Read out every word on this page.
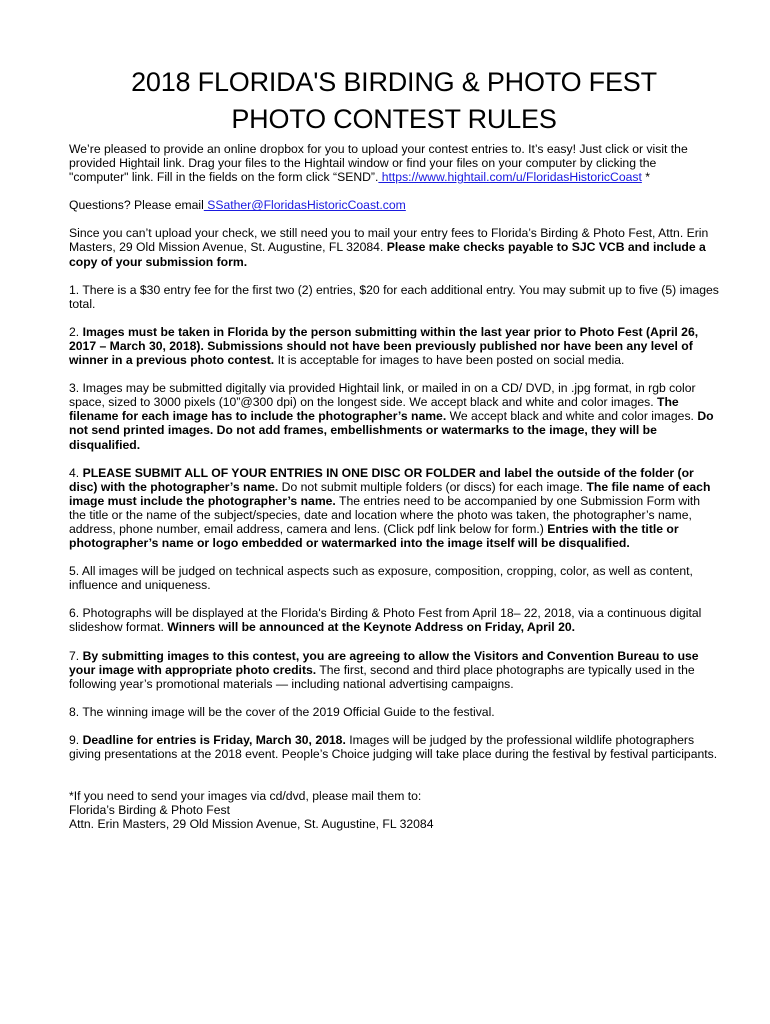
2018 FLORIDA'S BIRDING & PHOTO FEST
PHOTO CONTEST RULES

We’re pleased to provide an online dropbox for you to upload your contest entries to. It’s easy! Just click or visit the provided Hightail link. Drag your files to the Hightail window or find your files on your computer by clicking the "computer" link. Fill in the fields on the form click “SEND”. https://www.hightail.com/u/FloridasHistoricCoast *

Questions? Please email SSather@FloridasHistoricCoast.com

Since you can’t upload your check, we still need you to mail your entry fees to Florida’s Birding & Photo Fest, Attn. Erin Masters, 29 Old Mission Avenue, St. Augustine, FL 32084. Please make checks payable to SJC VCB and include a copy of your submission form.

1. There is a $30 entry fee for the first two (2) entries, $20 for each additional entry. You may submit up to five (5) images total.

2. Images must be taken in Florida by the person submitting within the last year prior to Photo Fest (April 26, 2017 – March 30, 2018). Submissions should not have been previously published nor have been any level of winner in a previous photo contest. It is acceptable for images to have been posted on social media.

3. Images may be submitted digitally via provided Hightail link, or mailed in on a CD/ DVD, in .jpg format, in rgb color space, sized to 3000 pixels (10”@300 dpi) on the longest side. We accept black and white and color images. The filename for each image has to include the photographer’s name. We accept black and white and color images. Do not send printed images. Do not add frames, embellishments or watermarks to the image, they will be disqualified.

4. PLEASE SUBMIT ALL OF YOUR ENTRIES IN ONE DISC OR FOLDER and label the outside of the folder (or disc) with the photographer’s name. Do not submit multiple folders (or discs) for each image. The file name of each image must include the photographer’s name. The entries need to be accompanied by one Submission Form with the title or the name of the subject/species, date and location where the photo was taken, the photographer’s name, address, phone number, email address, camera and lens. (Click pdf link below for form.) Entries with the title or photographer’s name or logo embedded or watermarked into the image itself will be disqualified.

5. All images will be judged on technical aspects such as exposure, composition, cropping, color, as well as content, influence and uniqueness.

6. Photographs will be displayed at the Florida's Birding & Photo Fest from April 18– 22, 2018, via a continuous digital slideshow format. Winners will be announced at the Keynote Address on Friday, April 20.

7. By submitting images to this contest, you are agreeing to allow the Visitors and Convention Bureau to use your image with appropriate photo credits. The first, second and third place photographs are typically used in the following year’s promotional materials — including national advertising campaigns.

8. The winning image will be the cover of the 2019 Official Guide to the festival.

9. Deadline for entries is Friday, March 30, 2018. Images will be judged by the professional wildlife photographers giving presentations at the 2018 event. People’s Choice judging will take place during the festival by festival participants.

*If you need to send your images via cd/dvd, please mail them to:

Florida’s Birding & Photo Fest

Attn. Erin Masters, 29 Old Mission Avenue, St. Augustine, FL 32084
